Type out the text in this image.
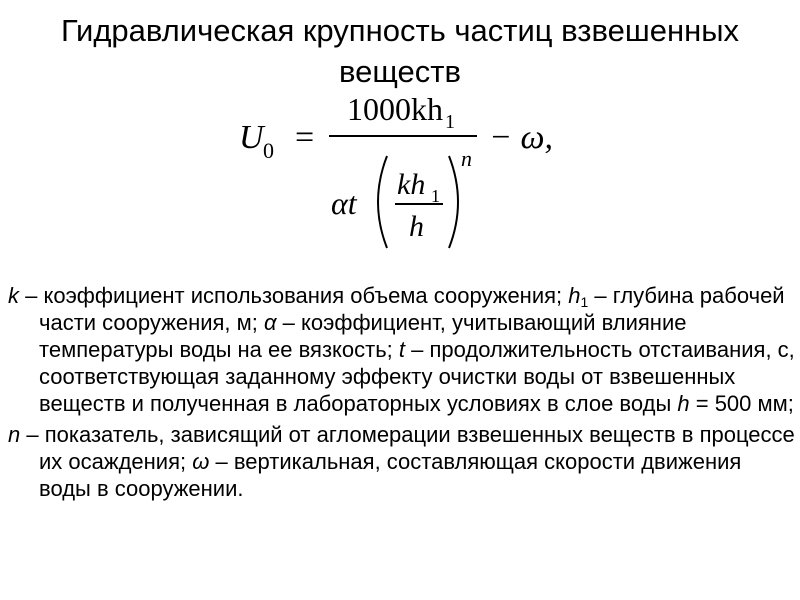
Гидравлическая крупность частиц взвешенных веществ
U 0 =
1000kh 1
αt
kh 1
h
n
− ω,

k – коэффициент использования объема сооружения; $h_1$ – глубина рабочей части сооружения, м; α – коэффициент, учитывающий влияние температуры воды на ее вязкость; t – продолжительность отстаивания, с, соответствующая заданному эффекту очистки воды от взвешенных веществ и полученная в лабораторных условиях в слое воды h = 500 мм;

n – показатель, зависящий от агломерации взвешенных веществ в процессе их осаждения; ω – вертикальная, составляющая скорости движения воды в сооружении.
